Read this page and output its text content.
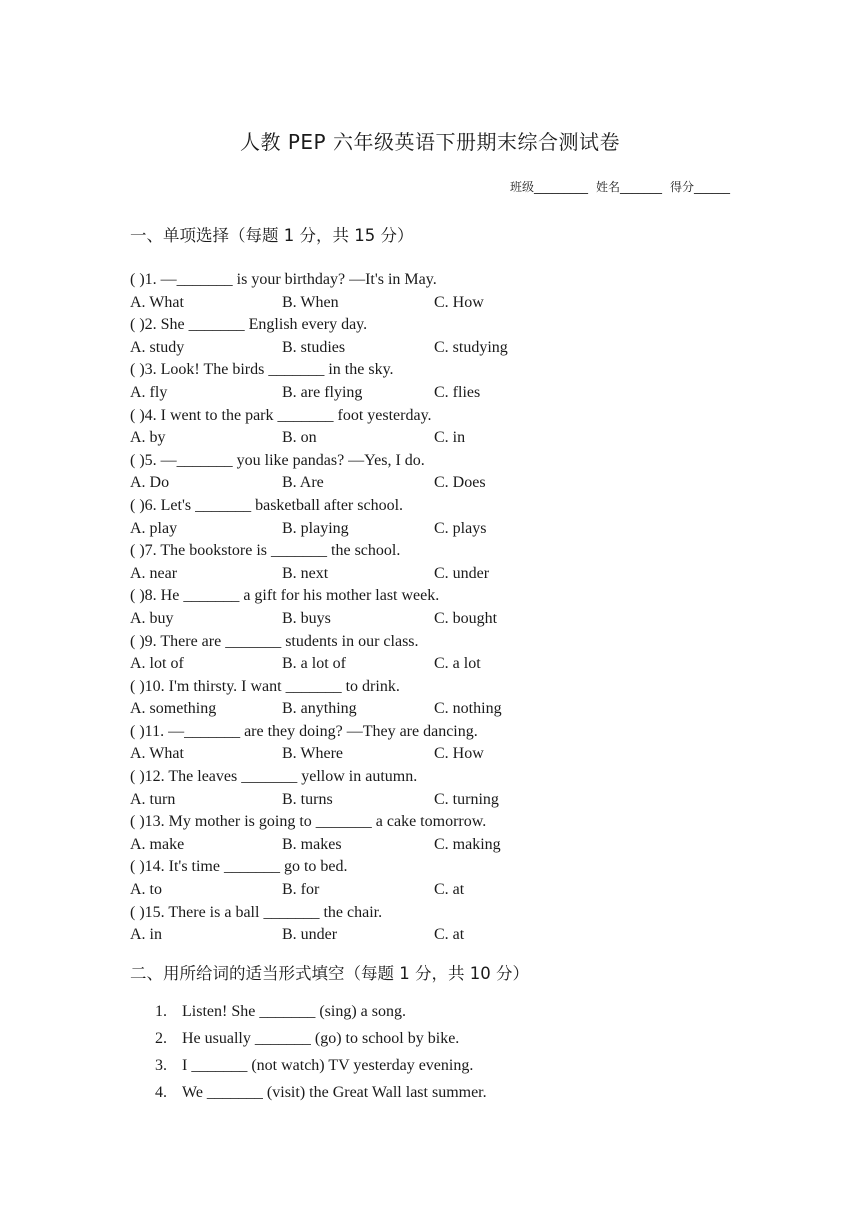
人教 PEP 六年级英语下册期末综合测试卷
班级_________ 姓名_______ 得分______
一、单项选择（每题 1 分，共 15 分）
( )1. —_______ is your birthday? —It's in May.
A. What	B. When	C. How
( )2. She _______ English every day.
A. study	B. studies	C. studying
( )3. Look! The birds _______ in the sky.
A. fly	B. are flying	C. flies
( )4. I went to the park _______ foot yesterday.
A. by	B. on	C. in
( )5. —_______ you like pandas? —Yes, I do.
A. Do	B. Are	C. Does
( )6. Let's _______ basketball after school.
A. play	B. playing	C. plays
( )7. The bookstore is _______ the school.
A. near	B. next	C. under
( )8. He _______ a gift for his mother last week.
A. buy	B. buys	C. bought
( )9. There are _______ students in our class.
A. lot of	B. a lot of	C. a lot
( )10. I'm thirsty. I want _______ to drink.
A. something	B. anything	C. nothing
( )11. —_______ are they doing? —They are dancing.
A. What	B. Where	C. How
( )12. The leaves _______ yellow in autumn.
A. turn	B. turns	C. turning
( )13. My mother is going to _______ a cake tomorrow.
A. make	B. makes	C. making
( )14. It's time _______ go to bed.
A. to	B. for	C. at
( )15. There is a ball _______ the chair.
A. in	B. under	C. at
二、用所给词的适当形式填空（每题 1 分，共 10 分）
1. Listen! She _______ (sing) a song.
2. He usually _______ (go) to school by bike.
3. I _______ (not watch) TV yesterday evening.
4. We _______ (visit) the Great Wall last summer.
